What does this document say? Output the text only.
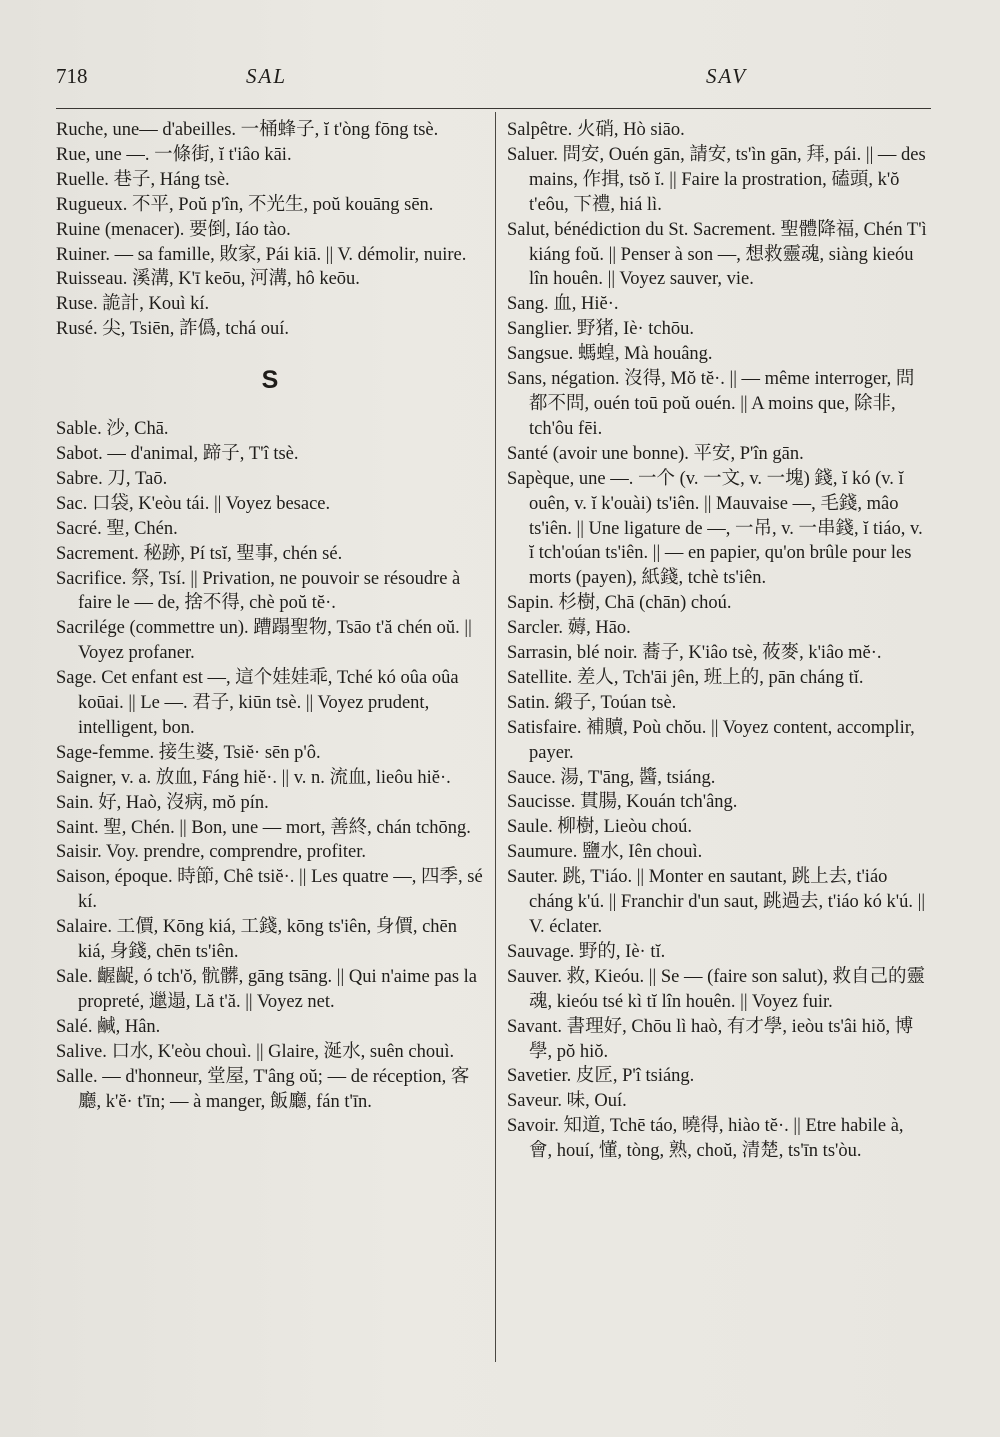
718	SAL	SAV

Ruche, une— d'abeilles. 一桶蜂子, ĭ t'òng fōng tsè.

Rue, une —. 一條街, ĭ t'iâo kāi.

Ruelle. 巷子, Háng tsè.

Rugueux. 不平, Poŭ p'în, 不光生, poŭ kouāng sēn.

Ruine (menacer). 要倒, Iáo tào.

Ruiner. — sa famille, 敗家, Pái kiā. || V. démolir, nuire.

Ruisseau. 溪溝, K'ī keōu, 河溝, hô keōu.

Ruse. 詭計, Kouì kí.

Rusé. 尖, Tsiēn, 詐僞, tchá ouí.

S

Sable. 沙, Chā.

Sabot. — d'animal, 蹄子, T'î tsè.

Sabre. 刀, Taō.

Sac. 口袋, K'eòu tái. || Voyez besace.

Sacré. 聖, Chén.

Sacrement. 秘跡, Pí tsĭ, 聖事, chén sé.

Sacrifice. 祭, Tsí. || Privation, ne pouvoir se résoudre à faire le — de, 捨不得, chè poŭ tĕ·.

Sacrilége (commettre un). 蹧蹋聖物, Tsāo t'ă chén oŭ. || Voyez profaner.

Sage. Cet enfant est —, 這个娃娃乖, Tché kó oûa oûa koūai. || Le —. 君子, kiūn tsè. || Voyez prudent, intelligent, bon.

Sage-femme. 接生婆, Tsiĕ· sēn p'ô.

Saigner, v. a. 放血, Fáng hiĕ·. || v. n. 流血, lieôu hiĕ·.

Sain. 好, Haò, 沒病, mŏ pín.

Saint. 聖, Chén. || Bon, une — mort, 善終, chán tchōng.

Saisir. Voy. prendre, comprendre, profiter.

Saison, époque. 時節, Chê tsiĕ·. || Les quatre —, 四季, sé kí.

Salaire. 工價, Kōng kiá, 工錢, kōng ts'iên, 身價, chēn kiá, 身錢, chēn ts'iên.

Sale. 齷齪, ó tch'ŏ, 骯髒, gāng tsāng. || Qui n'aime pas la propreté, 邋遢, Lă t'ă. || Voyez net.

Salé. 鹹, Hân.

Salive. 口水, K'eòu chouì. || Glaire, 涎水, suên chouì.

Salle. — d'honneur, 堂屋, T'âng oŭ; — de réception, 客廳, k'ĕ· t'īn; — à manger, 飯廳, fán t'īn.

Salpêtre. 火硝, Hò siāo.

Saluer. 問安, Ouén gān, 請安, ts'ìn gān, 拜, pái. || — des mains, 作揖, tsŏ ĭ. || Faire la prostration, 磕頭, k'ŏ t'eôu, 下禮, hiá lì.

Salut, bénédiction du St. Sacrement. 聖體降福, Chén T'ì kiáng foŭ. || Penser à son —, 想救靈魂, siàng kieóu lîn houên. || Voyez sauver, vie.

Sang. 血, Hiĕ·.

Sanglier. 野猪, Iè· tchōu.

Sangsue. 螞蝗, Mà houâng.

Sans, négation. 沒得, Mŏ tĕ·. || — même interroger, 問都不問, ouén toū poŭ ouén. || A moins que, 除非, tch'ôu fēi.

Santé (avoir une bonne). 平安, P'în gān.

Sapèque, une —. 一个 (v. 一文, v. 一塊) 錢, ĭ kó (v. ĭ ouên, v. ĭ k'ouài) ts'iên. || Mauvaise —, 毛錢, mâo ts'iên. || Une ligature de —, 一吊, v. 一串錢, ĭ tiáo, v. ĭ tch'oúan ts'iên. || — en papier, qu'on brûle pour les morts (payen), 紙錢, tchè ts'iên.

Sapin. 杉樹, Chā (chān) choú.

Sarcler. 薅, Hāo.

Sarrasin, blé noir. 蕎子, K'iâo tsè, 莜麥, k'iâo mĕ·.

Satellite. 差人, Tch'āi jên, 班上的, pān cháng tĭ.

Satin. 緞子, Toúan tsè.

Satisfaire. 補贖, Poù chŏu. || Voyez content, accomplir, payer.

Sauce. 湯, T'āng, 醬, tsiáng.

Saucisse. 貫腸, Kouán tch'âng.

Saule. 柳樹, Lieòu choú.

Saumure. 鹽水, Iên chouì.

Sauter. 跳, T'iáo. || Monter en sautant, 跳上去, t'iáo cháng k'ú. || Franchir d'un saut, 跳過去, t'iáo kó k'ú. || V. éclater.

Sauvage. 野的, Iè· tĭ.

Sauver. 救, Kieóu. || Se — (faire son salut), 救自己的靈魂, kieóu tsé kì tĭ lîn houên. || Voyez fuir.

Savant. 書理好, Chōu lì haò, 有才學, ieòu ts'âi hiŏ, 博學, pŏ hiŏ.

Savetier. 皮匠, P'î tsiáng.

Saveur. 味, Ouí.

Savoir. 知道, Tchē táo, 曉得, hiào tĕ·. || Etre habile à, 會, houí, 懂, tòng, 熟, choŭ, 清楚, ts'īn ts'òu.
